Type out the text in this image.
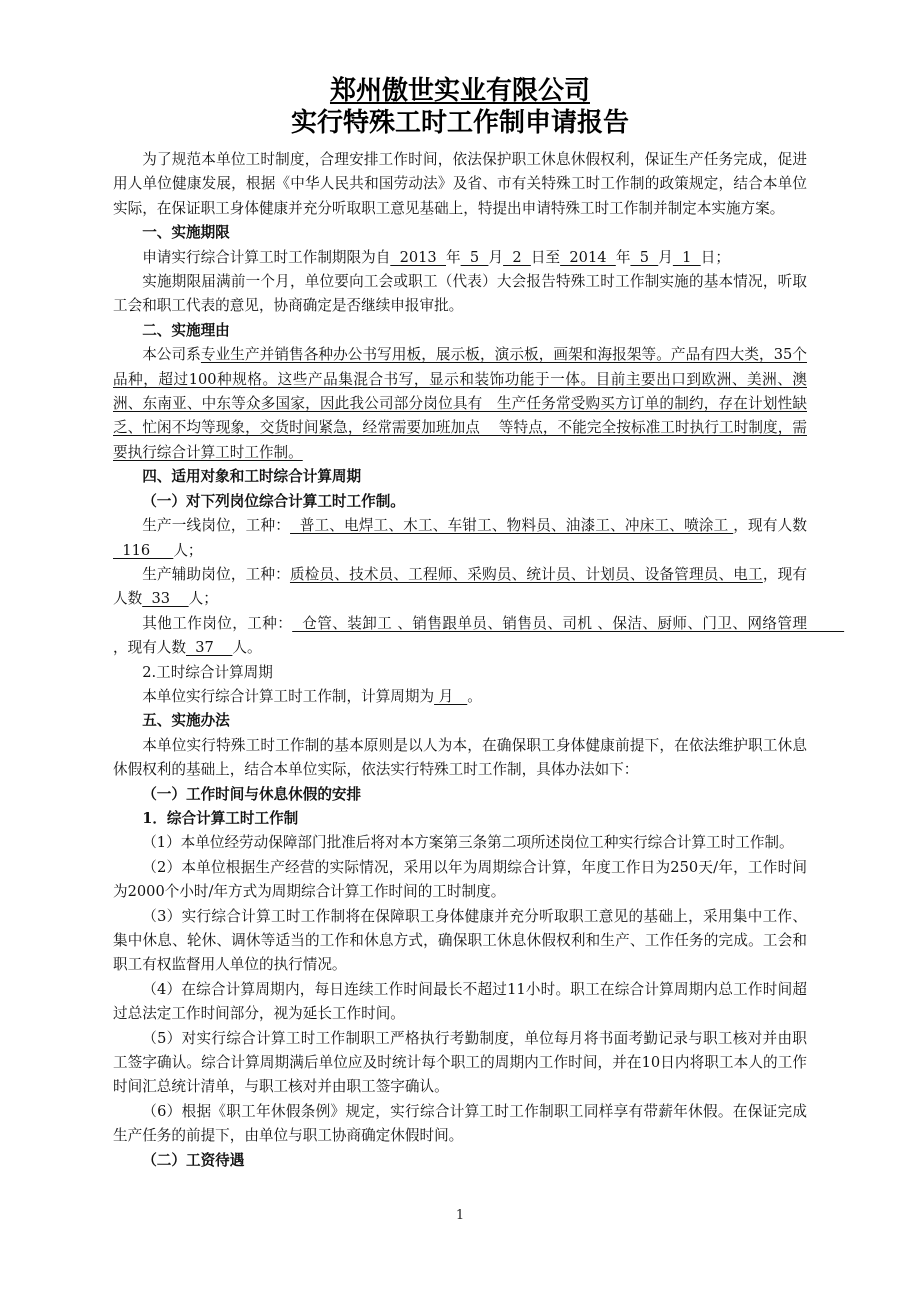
郑州傲世实业有限公司
实行特殊工时工作制申请报告

为了规范本单位工时制度，合理安排工作时间，依法保护职工休息休假权利，保证生产任务完成，促进用人单位健康发展，根据《中华人民共和国劳动法》及省、市有关特殊工时工作制的政策规定，结合本单位实际，在保证职工身体健康并充分听取职工意见基础上，特提出申请特殊工时工作制并制定本实施方案。

一、实施期限

申请实行综合计算工时工作制期限为自  2013  年  5  月  2  日至  2014  年  5  月  1  日；

实施期限届满前一个月，单位要向工会或职工（代表）大会报告特殊工时工作制实施的基本情况，听取工会和职工代表的意见，协商确定是否继续申报审批。

二、实施理由

本公司系专业生产并销售各种办公书写用板，展示板，演示板，画架和海报架等。产品有四大类，35个品种，超过100种规格。这些产品集混合书写，显示和装饰功能于一体。目前主要出口到欧洲、美洲、澳洲、东南亚、中东等众多国家，因此我公司部分岗位具有   生产任务常受购买方订单的制约，存在计划性缺乏、忙闲不均等现象，交货时间紧急，经常需要加班加点    等特点，不能完全按标准工时执行工时制度，需要执行综合计算工时工作制。

四、适用对象和工时综合计算周期

（一）对下列岗位综合计算工时工作制。

生产一线岗位，工种：  普工、电焊工、木工、车钳工、物料员、油漆工、冲床工、喷涂工 ，现有人数  116     人；

生产辅助岗位，工种：质检员、技术员、工程师、采购员、统计员、计划员、设备管理员、电工，现有人数  33    人；

其他工作岗位，工种：  仓管、装卸工 、销售跟单员、销售员、司机 、保洁、厨师、门卫、网络管理        ，现有人数  37    人。

2.工时综合计算周期

本单位实行综合计算工时工作制，计算周期为 月   。

五、实施办法

本单位实行特殊工时工作制的基本原则是以人为本，在确保职工身体健康前提下，在依法维护职工休息休假权利的基础上，结合本单位实际，依法实行特殊工时工作制，具体办法如下：

（一）工作时间与休息休假的安排

1．综合计算工时工作制

（1）本单位经劳动保障部门批准后将对本方案第三条第二项所述岗位工种实行综合计算工时工作制。

（2）本单位根据生产经营的实际情况，采用以年为周期综合计算，年度工作日为250天/年，工作时间为2000个小时/年方式为周期综合计算工作时间的工时制度。

（3）实行综合计算工时工作制将在保障职工身体健康并充分听取职工意见的基础上，采用集中工作、集中休息、轮休、调休等适当的工作和休息方式，确保职工休息休假权利和生产、工作任务的完成。工会和职工有权监督用人单位的执行情况。

（4）在综合计算周期内，每日连续工作时间最长不超过11小时。职工在综合计算周期内总工作时间超过总法定工作时间部分，视为延长工作时间。

（5）对实行综合计算工时工作制职工严格执行考勤制度，单位每月将书面考勤记录与职工核对并由职工签字确认。综合计算周期满后单位应及时统计每个职工的周期内工作时间，并在10日内将职工本人的工作时间汇总统计清单，与职工核对并由职工签字确认。

（6）根据《职工年休假条例》规定，实行综合计算工时工作制职工同样享有带薪年休假。在保证完成生产任务的前提下，由单位与职工协商确定休假时间。

（二）工资待遇

1
